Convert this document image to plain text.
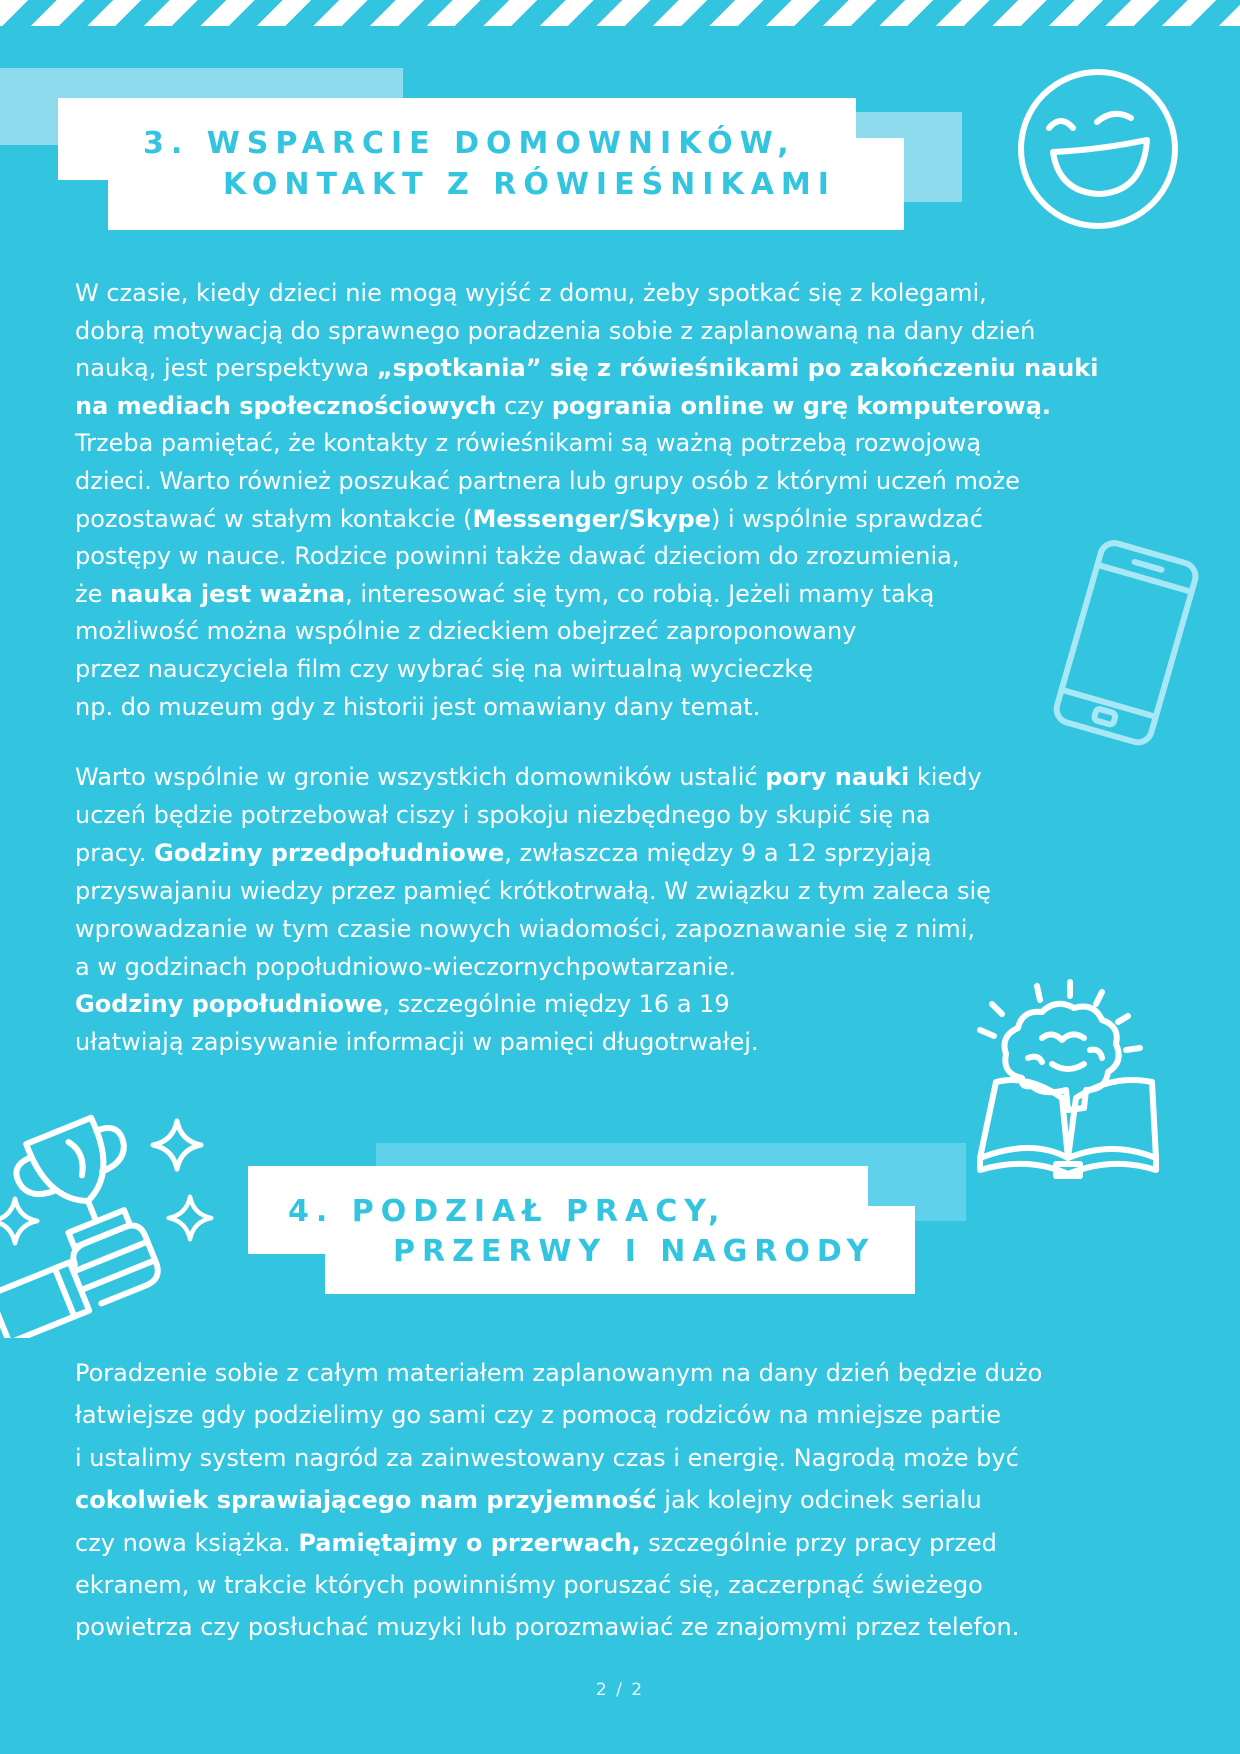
3. WSPARCIE DOMOWNIKÓW,
KONTAKT Z RÓWIEŚNIKAMI

W czasie, kiedy dzieci nie mogą wyjść z domu, żeby spotkać się z kolegami,

dobrą motywacją do sprawnego poradzenia sobie z zaplanowaną na dany dzień

nauką, jest perspektywa „spotkania” się z rówieśnikami po zakończeniu nauki

na mediach społecznościowych czy pogrania online w grę komputerową.

Trzeba pamiętać, że kontakty z rówieśnikami są ważną potrzebą rozwojową

dzieci. Warto również poszukać partnera lub grupy osób z którymi uczeń może

pozostawać w stałym kontakcie (Messenger/Skype) i wspólnie sprawdzać

postępy w nauce. Rodzice powinni także dawać dzieciom do zrozumienia,

że nauka jest ważna, interesować się tym, co robią. Jeżeli mamy taką

możliwość można wspólnie z dzieckiem obejrzeć zaproponowany

przez nauczyciela film czy wybrać się na wirtualną wycieczkę

np. do muzeum gdy z historii jest omawiany dany temat.

Warto wspólnie w gronie wszystkich domowników ustalić pory nauki kiedy

uczeń będzie potrzebował ciszy i spokoju niezbędnego by skupić się na

pracy. Godziny przedpołudniowe, zwłaszcza między 9 a 12 sprzyjają

przyswajaniu wiedzy przez pamięć krótkotrwałą. W związku z tym zaleca się

wprowadzanie w tym czasie nowych wiadomości, zapoznawanie się z nimi,

a w godzinach popołudniowo-wieczornychpowtarzanie.

Godziny popołudniowe, szczególnie między 16 a 19

ułatwiają zapisywanie informacji w pamięci długotrwałej.

4. PODZIAŁ PRACY,
PRZERWY I NAGRODY

Poradzenie sobie z całym materiałem zaplanowanym na dany dzień będzie dużo

łatwiejsze gdy podzielimy go sami czy z pomocą rodziców na mniejsze partie

i ustalimy system nagród za zainwestowany czas i energię. Nagrodą może być

cokolwiek sprawiającego nam przyjemność jak kolejny odcinek serialu

czy nowa książka. Pamiętajmy o przerwach, szczególnie przy pracy przed

ekranem, w trakcie których powinniśmy poruszać się, zaczerpnąć świeżego

powietrza czy posłuchać muzyki lub porozmawiać ze znajomymi przez telefon.

2 / 2
